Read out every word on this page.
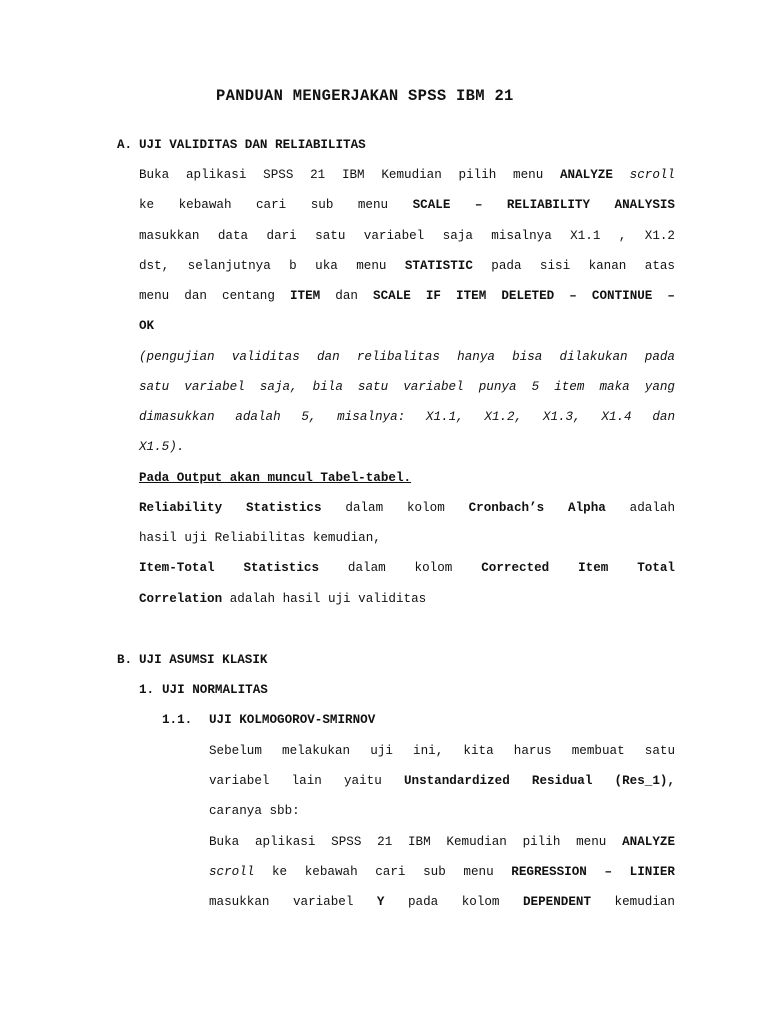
PANDUAN MENGERJAKAN SPSS IBM 21
A. UJI VALIDITAS DAN RELIABILITAS
Buka aplikasi SPSS 21 IBM Kemudian pilih menu ANALYZE scroll
ke kebawah cari sub menu SCALE – RELIABILITY ANALYSIS
masukkan data dari satu variabel saja misalnya X1.1 , X1.2
dst, selanjutnya b uka menu STATISTIC pada sisi kanan atas
menu dan centang ITEM dan SCALE IF ITEM DELETED – CONTINUE –
OK
(pengujian validitas dan relibalitas hanya bisa dilakukan pada
satu variabel saja, bila satu variabel punya 5 item maka yang
dimasukkan adalah 5, misalnya: X1.1, X1.2, X1.3, X1.4 dan
X1.5).
Pada Output akan muncul Tabel-tabel.
Reliability Statistics dalam kolom Cronbach’s Alpha adalah
hasil uji Reliabilitas kemudian,
Item-Total Statistics dalam kolom Corrected Item Total
Correlation adalah hasil uji validitas
B. UJI ASUMSI KLASIK
1. UJI NORMALITAS
1.1. UJI KOLMOGOROV-SMIRNOV
Sebelum melakukan uji ini, kita harus membuat satu
variabel lain yaitu Unstandardized Residual (Res_1),
caranya sbb:
Buka aplikasi SPSS 21 IBM Kemudian pilih menu ANALYZE
scroll ke kebawah cari sub menu REGRESSION – LINIER
masukkan variabel Y pada kolom DEPENDENT kemudian
